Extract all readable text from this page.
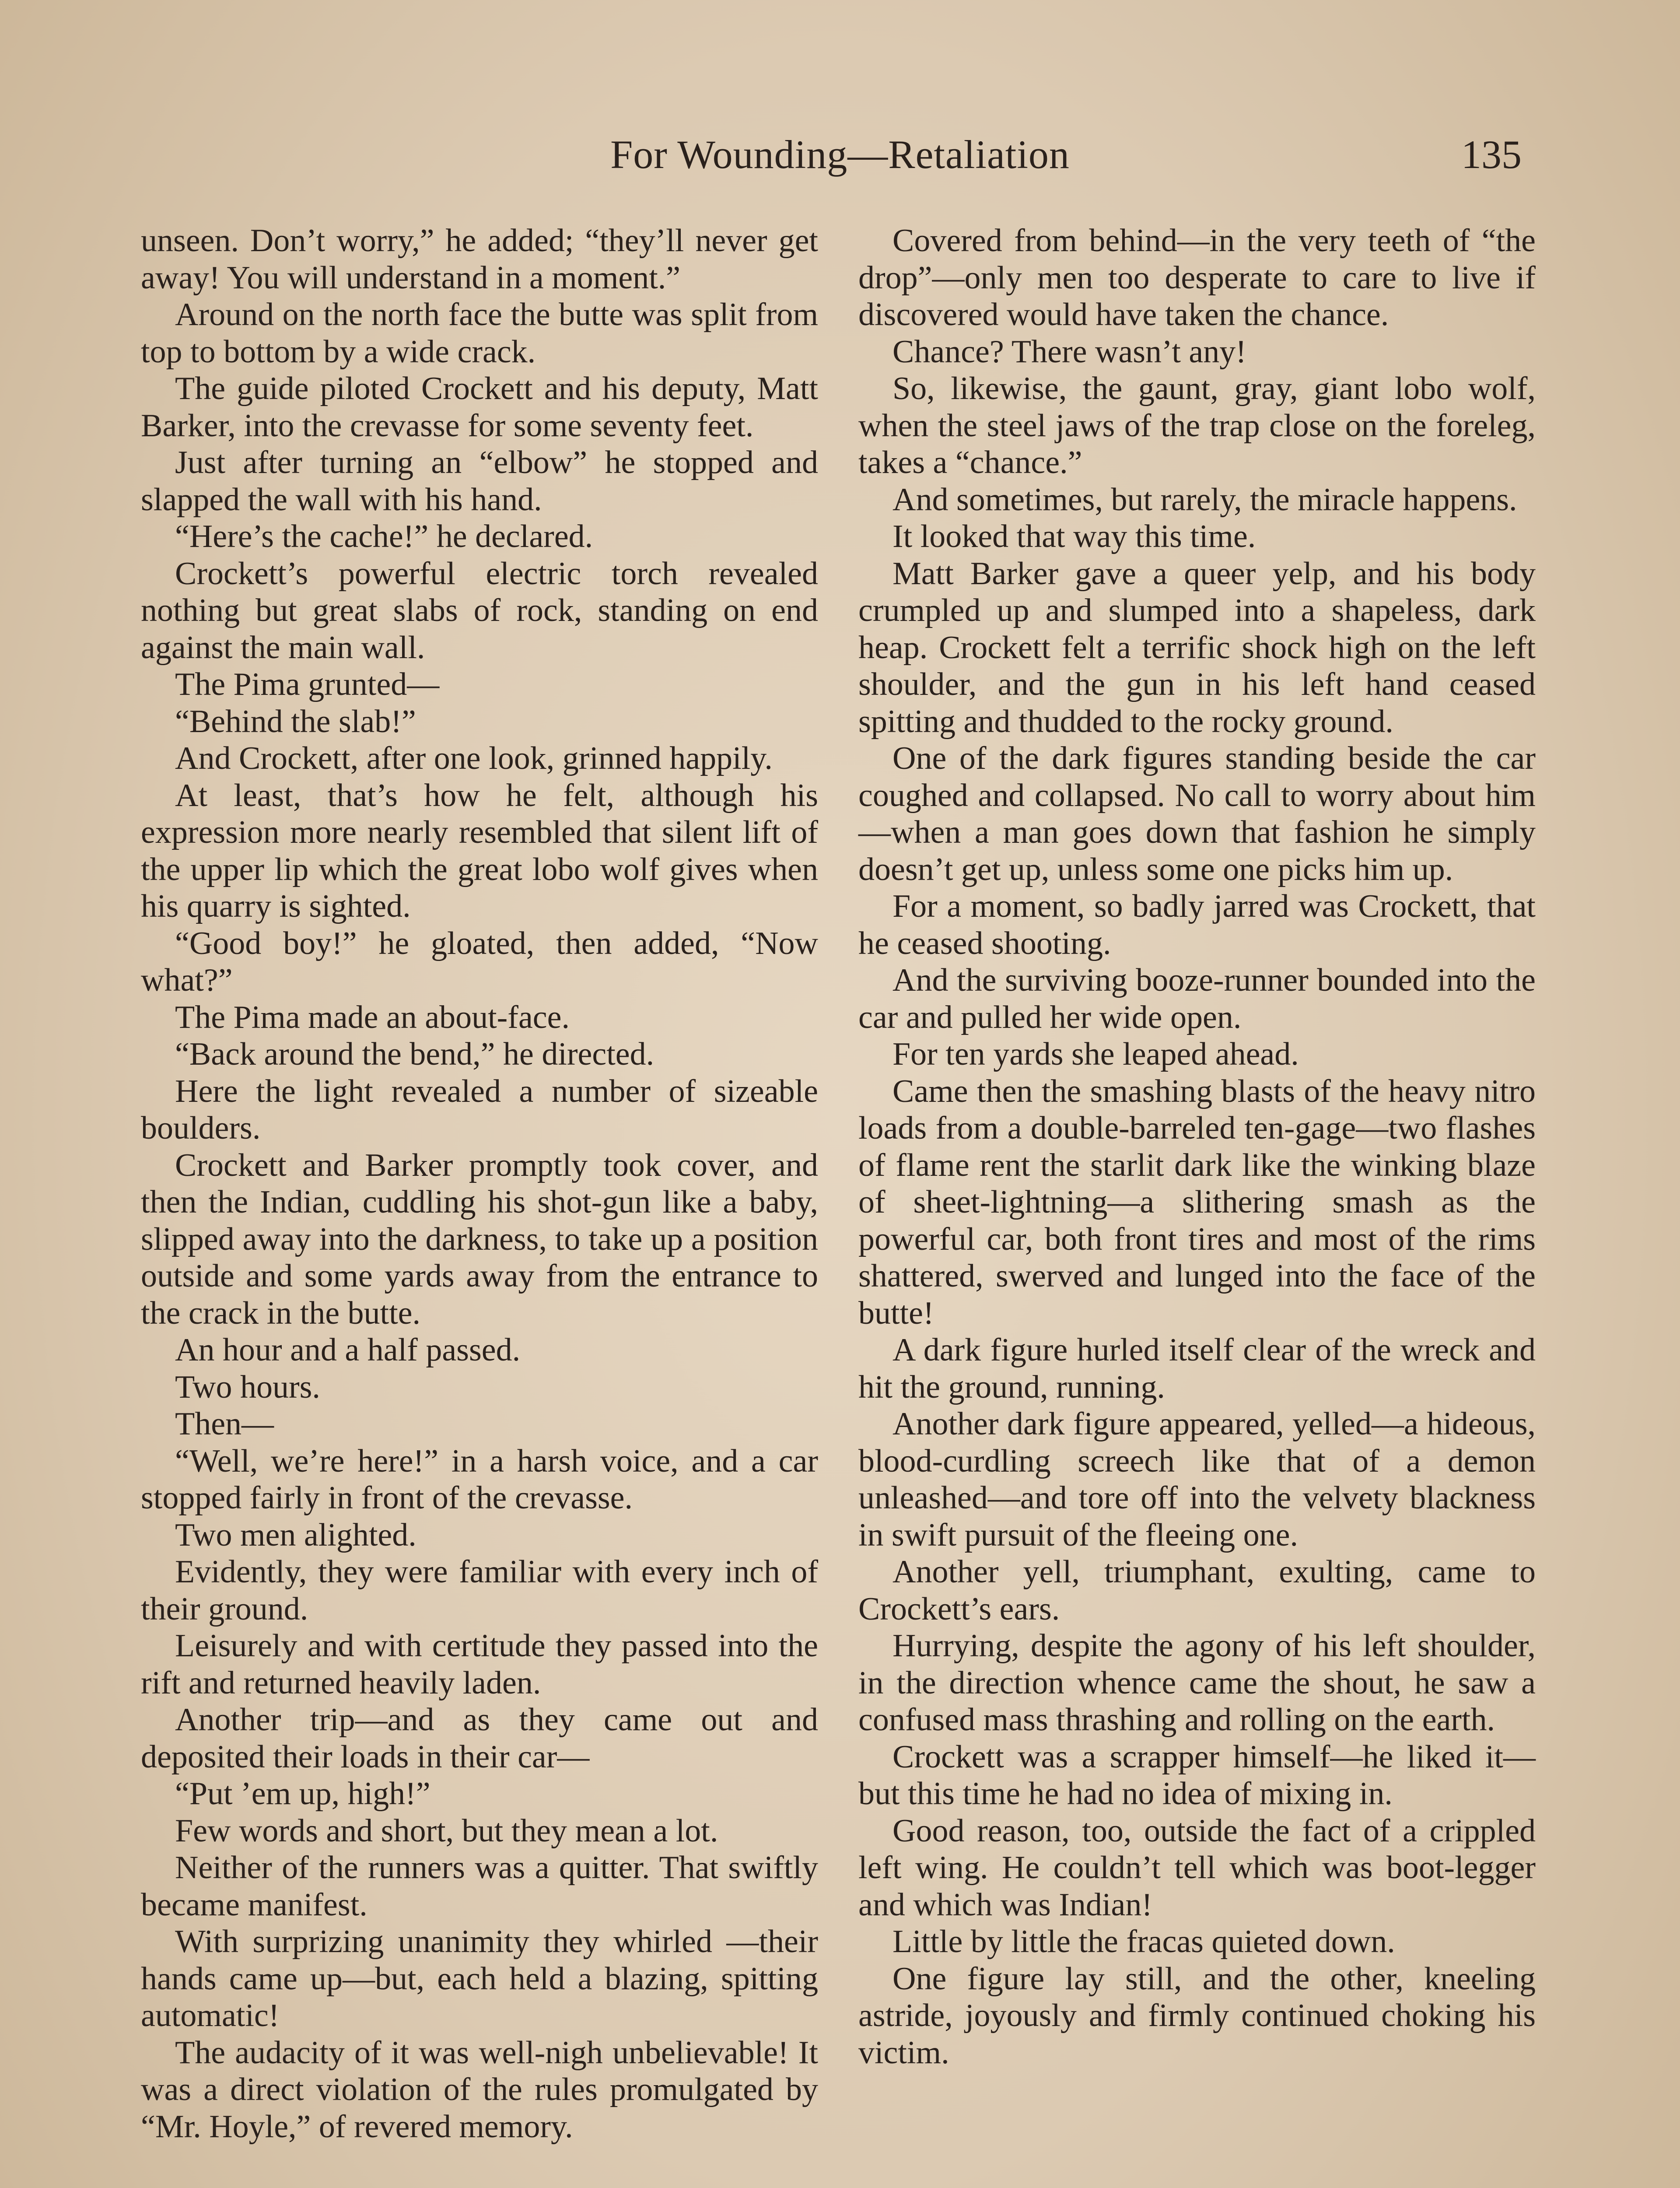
For Wounding—Retaliation	135

unseen. Don’t worry,” he added; “they’ll never get away! You will understand in a moment.”

Around on the north face the butte was split from top to bottom by a wide crack.

The guide piloted Crockett and his deputy, Matt Barker, into the crevasse for some seventy feet.

Just after turning an “elbow” he stopped and slapped the wall with his hand.

“Here’s the cache!” he declared.

Crockett’s powerful electric torch revealed nothing but great slabs of rock, standing on end against the main wall.

The Pima grunted—

“Behind the slab!”

And Crockett, after one look, grinned happily.

At least, that’s how he felt, although his expression more nearly resembled that silent lift of the upper lip which the great lobo wolf gives when his quarry is sighted.

“Good boy!” he gloated, then added, “Now what?”

The Pima made an about-face.

“Back around the bend,” he directed.

Here the light revealed a number of sizeable boulders.

Crockett and Barker promptly took cover, and then the Indian, cuddling his shot-gun like a baby, slipped away into the darkness, to take up a position outside and some yards away from the entrance to the crack in the butte.

An hour and a half passed.

Two hours.

Then—

“Well, we’re here!” in a harsh voice, and a car stopped fairly in front of the crevasse.

Two men alighted.

Evidently, they were familiar with every inch of their ground.

Leisurely and with certitude they passed into the rift and returned heavily laden.

Another trip—and as they came out and deposited their loads in their car—

“Put ’em up, high!”

Few words and short, but they mean a lot.

Neither of the runners was a quitter. That swiftly became manifest.

With surprizing unanimity they whirled —their hands came up—but, each held a blazing, spitting automatic!

The audacity of it was well-nigh unbelievable! It was a direct violation of the rules promulgated by “Mr. Hoyle,” of revered memory.

Covered from behind—in the very teeth of “the drop”—only men too desperate to care to live if discovered would have taken the chance.

Chance? There wasn’t any!

So, likewise, the gaunt, gray, giant lobo wolf, when the steel jaws of the trap close on the foreleg, takes a “chance.”

And sometimes, but rarely, the miracle happens.

It looked that way this time.

Matt Barker gave a queer yelp, and his body crumpled up and slumped into a shapeless, dark heap. Crockett felt a terrific shock high on the left shoulder, and the gun in his left hand ceased spitting and thudded to the rocky ground.

One of the dark figures standing beside the car coughed and collapsed. No call to worry about him—when a man goes down that fashion he simply doesn’t get up, unless some one picks him up.

For a moment, so badly jarred was Crockett, that he ceased shooting.

And the surviving booze-runner bounded into the car and pulled her wide open.

For ten yards she leaped ahead.

Came then the smashing blasts of the heavy nitro loads from a double-barreled ten-gage—two flashes of flame rent the starlit dark like the winking blaze of sheet-lightning—a slithering smash as the powerful car, both front tires and most of the rims shattered, swerved and lunged into the face of the butte!

A dark figure hurled itself clear of the wreck and hit the ground, running.

Another dark figure appeared, yelled—a hideous, blood-curdling screech like that of a demon unleashed—and tore off into the velvety blackness in swift pursuit of the fleeing one.

Another yell, triumphant, exulting, came to Crockett’s ears.

Hurrying, despite the agony of his left shoulder, in the direction whence came the shout, he saw a confused mass thrashing and rolling on the earth.

Crockett was a scrapper himself—he liked it—but this time he had no idea of mixing in.

Good reason, too, outside the fact of a crippled left wing. He couldn’t tell which was boot-legger and which was Indian!

Little by little the fracas quieted down.

One figure lay still, and the other, kneeling astride, joyously and firmly continued choking his victim.
